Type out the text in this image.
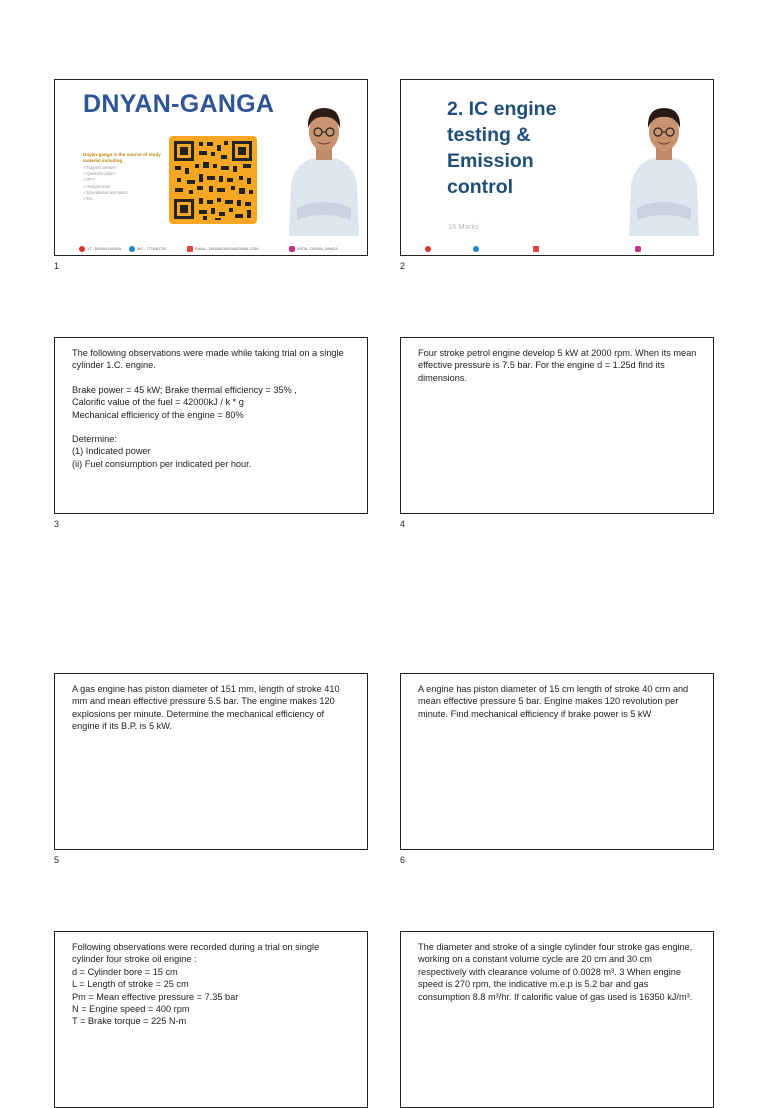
DNYAN-GANGA
Dnyan-ganga is the source of study material including
✓ Toppers answer
✓ Question paper
✓ PPT
✓ Assignments
✓ Educational animation
✓ Etc.
YT - DNYAN GANGA	WO - 7774987792	EMAIL - DNYANGANGA@GMAIL.COM	INSTA - DNYAN_GANGA
1
2. IC engine
testing &
Emission
control
16 Marks
2

The following observations were made while taking trial on a single cylinder 1.C. engine.

Brake power = 45 kW; Brake thermal efficiency = 35% ,

Calorific value of the fuel = 42000kJ / k * g

Mechanical efficiency of the engine = 80%

Determine:

(1) Indicated power

(ii) Fuel consumption per indicated per hour.

·
3

Four stroke petrol engine develop 5 kW at 2000 rpm. When its mean effective pressure is 7.5 bar. For the engine d = 1.25d find its dimensions.

·
4

A gas engine has piston diameter of 151 mm, length of stroke 410 mm and mean effective pressure 5.5 bar. The engine makes 120 explosions per minute. Determine the mechanical efficiency of engine if its B.P. is 5 kW.

·
5

A engine has piston diameter of 15 cm length of stroke 40 crm and mean effective pressure 5 bar. Engine makes 120 revolution per minute. Find mechanical efficiency if brake power is 5 kW

·
6

Following observations were recorded during a trial on single cylinder four stroke oil engine :

d = Cylinder bore = 15 cm

L = Length of stroke = 25 cm

Pm = Mean effective pressure = 7.35 bar

N = Engine speed = 400 rpm

T = Brake torque = 225 N-m

The diameter and stroke of a single cylinder four stroke gas engine, working on a constant volume cycle are 20 cm and 30 cm respectively with clearance volume of 0.0028 m³. 3 When engine speed is 270 rpm, the indicative m.e.p is 5.2 bar and gas consumption 8.8 m³/hr. If calorific value of gas used is 16350 kJ/m³.
